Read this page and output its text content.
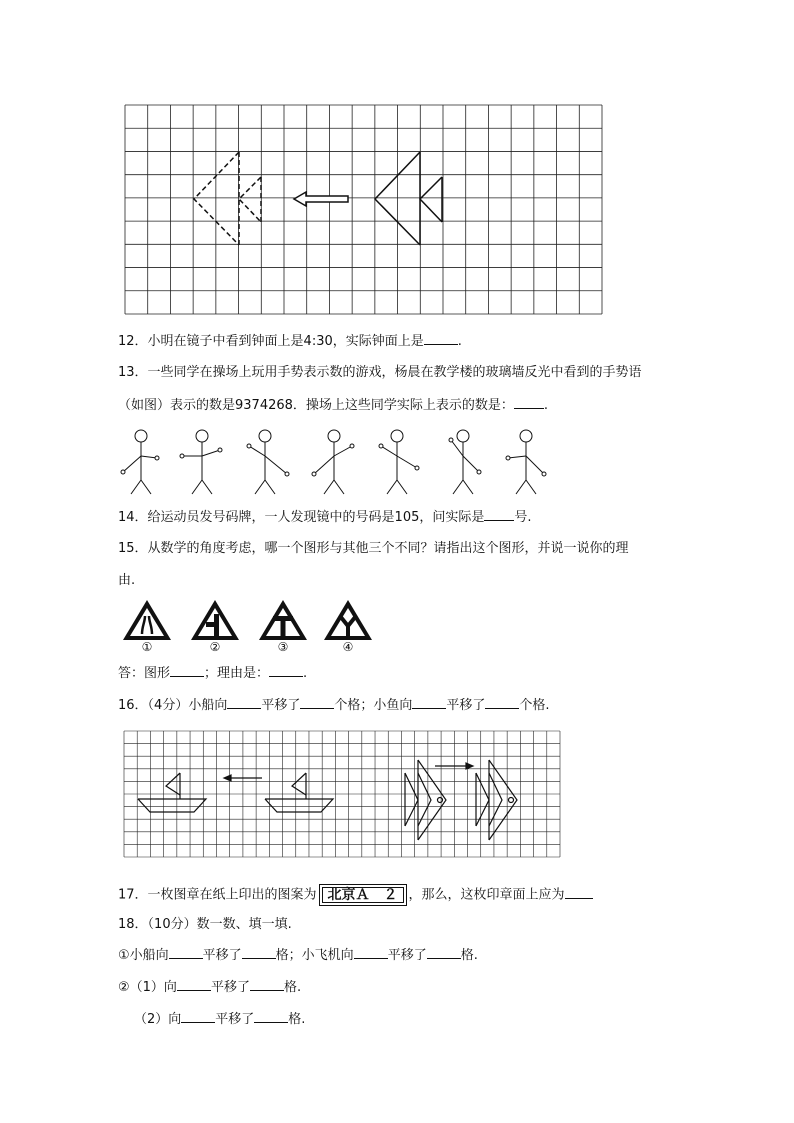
12．小明在镜子中看到钟面上是4:30，实际钟面上是	.
13．一些同学在操场上玩用手势表示数的游戏，杨晨在教学楼的玻璃墙反光中看到的手势语
（如图）表示的数是9374268．操场上这些同学实际上表示的数是： .
14．给运动员发号码牌，一人发现镜中的号码是105，问实际是 号.
15．从数学的角度考虑，哪一个图形与其他三个不同？请指出这个图形，并说一说你的理
由.
①	②	③	④
答：图形	；理由是：	.
16．（4分）小船向	平移了	个格；小鱼向	平移了	个格.
17．一枚图章在纸上印出的图案为 北京Ａ　２ ，那么，这枚印章面上应为
18．（10分）数一数、填一填.
①小船向	平移了	格；小飞机向	平移了	格.
②（1）向	平移了	格.
（2）向	平移了	格.
